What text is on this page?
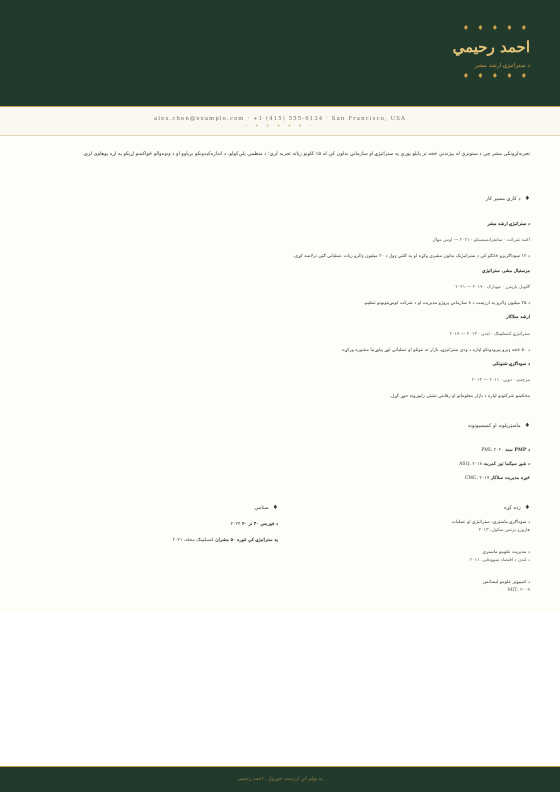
♦ ♦ ♦ ♦ ♦
احمد رحیمي
د ستراتیژۍ ارشد مشر
♦ ♦ ♦ ♦ ♦
alex.chen@example.com · +1 (415) 555-0134 · San Francisco, USA
— ♦ ♦ ♦ ♦ ♦ —
تجربه‌لرونکی مشر چې د ستونزې له پیژندنې څخه تر پایلو پورې په ستراتیژۍ او سازماني بدلون کې له ۱۵ کلونو زیاته تجربه لري؛ د منظمې پلې‌کولو، د اندازه‌کېدونکو بریاوو او د ونډه‌والو ځواکمنو اړیکو په اړه پوهاوی لري.
♦د کاري مسیر کار
د ستراتیژۍ ارشد مشر
اکمه شرکت · سانفرانسیسکو · ۲۰۲۱ — اوس مهال
د ۱۲ سوداګریزو څانګو کې د ستراتیژیک بدلون مشري وکړه او په کلني ډول د ۲۰ میلیون ډالرو زیات عملیاتي ګټې ترلاسه کړې.
مرستیال مشر، ستراتیژي
ګلوبل پارټنرز · نیویارک · ۲۰۱۷ — ۲۰۲۱
د ۲۵ میلیون ډالرو په ارزښت د ۸ سازماني پروژو مدیریت او د شرکت لومړیتوبونو تنظیم.
ارشد سلاکار
ستراتیژۍ کنسلټینګ · لندن · ۲۰۱۳ — ۲۰۱۷
د ۵۰ څخه ډېرو پېرودونکو لپاره د ودې ستراتیژۍ، بازار ته ننوتلو او عملیاتي لوړ پیاوړتیا مشوره ورکړه.
د سوداګرۍ شنونکی
مرچنټ · دوبۍ · ۲۰۱۱ — ۲۰۱۳
مخکښو شرکتونو لپاره د بازار معلوماتو او رقابتي شننې راپورونه جوړ کړل.
♦ماسټرپلونه او کمیسیونونه
د PMP سند PMI، ۲۰۲۰
د شپږ سیګما تور کمربند ASQ، ۲۰۱۸
څېړه مدیریت سلاکار CMC، ۲۰۱۷
♦زده کړه
د سوداګرۍ ماسټري، ستراتیژي او عملیات
هارورډ بزنس سکول، ۲۰۱۳
د مدیریت علومو ماستري
د لندن د اقتصاد ښوونځی، ۲۰۱۱
د کمپیوټر علومو لیسانس
MIT، ۲۰۰۹
♦ستاینې
د فوربس ۴۰ تر ۴۰ ۲۰۲۴
په ستراتیژۍ کې غوره ۵۰ مشران کنسلټینګ مجله، ۲۰۲۱
په ټولو کې ارزښت جوړول · احمد رحیمي
